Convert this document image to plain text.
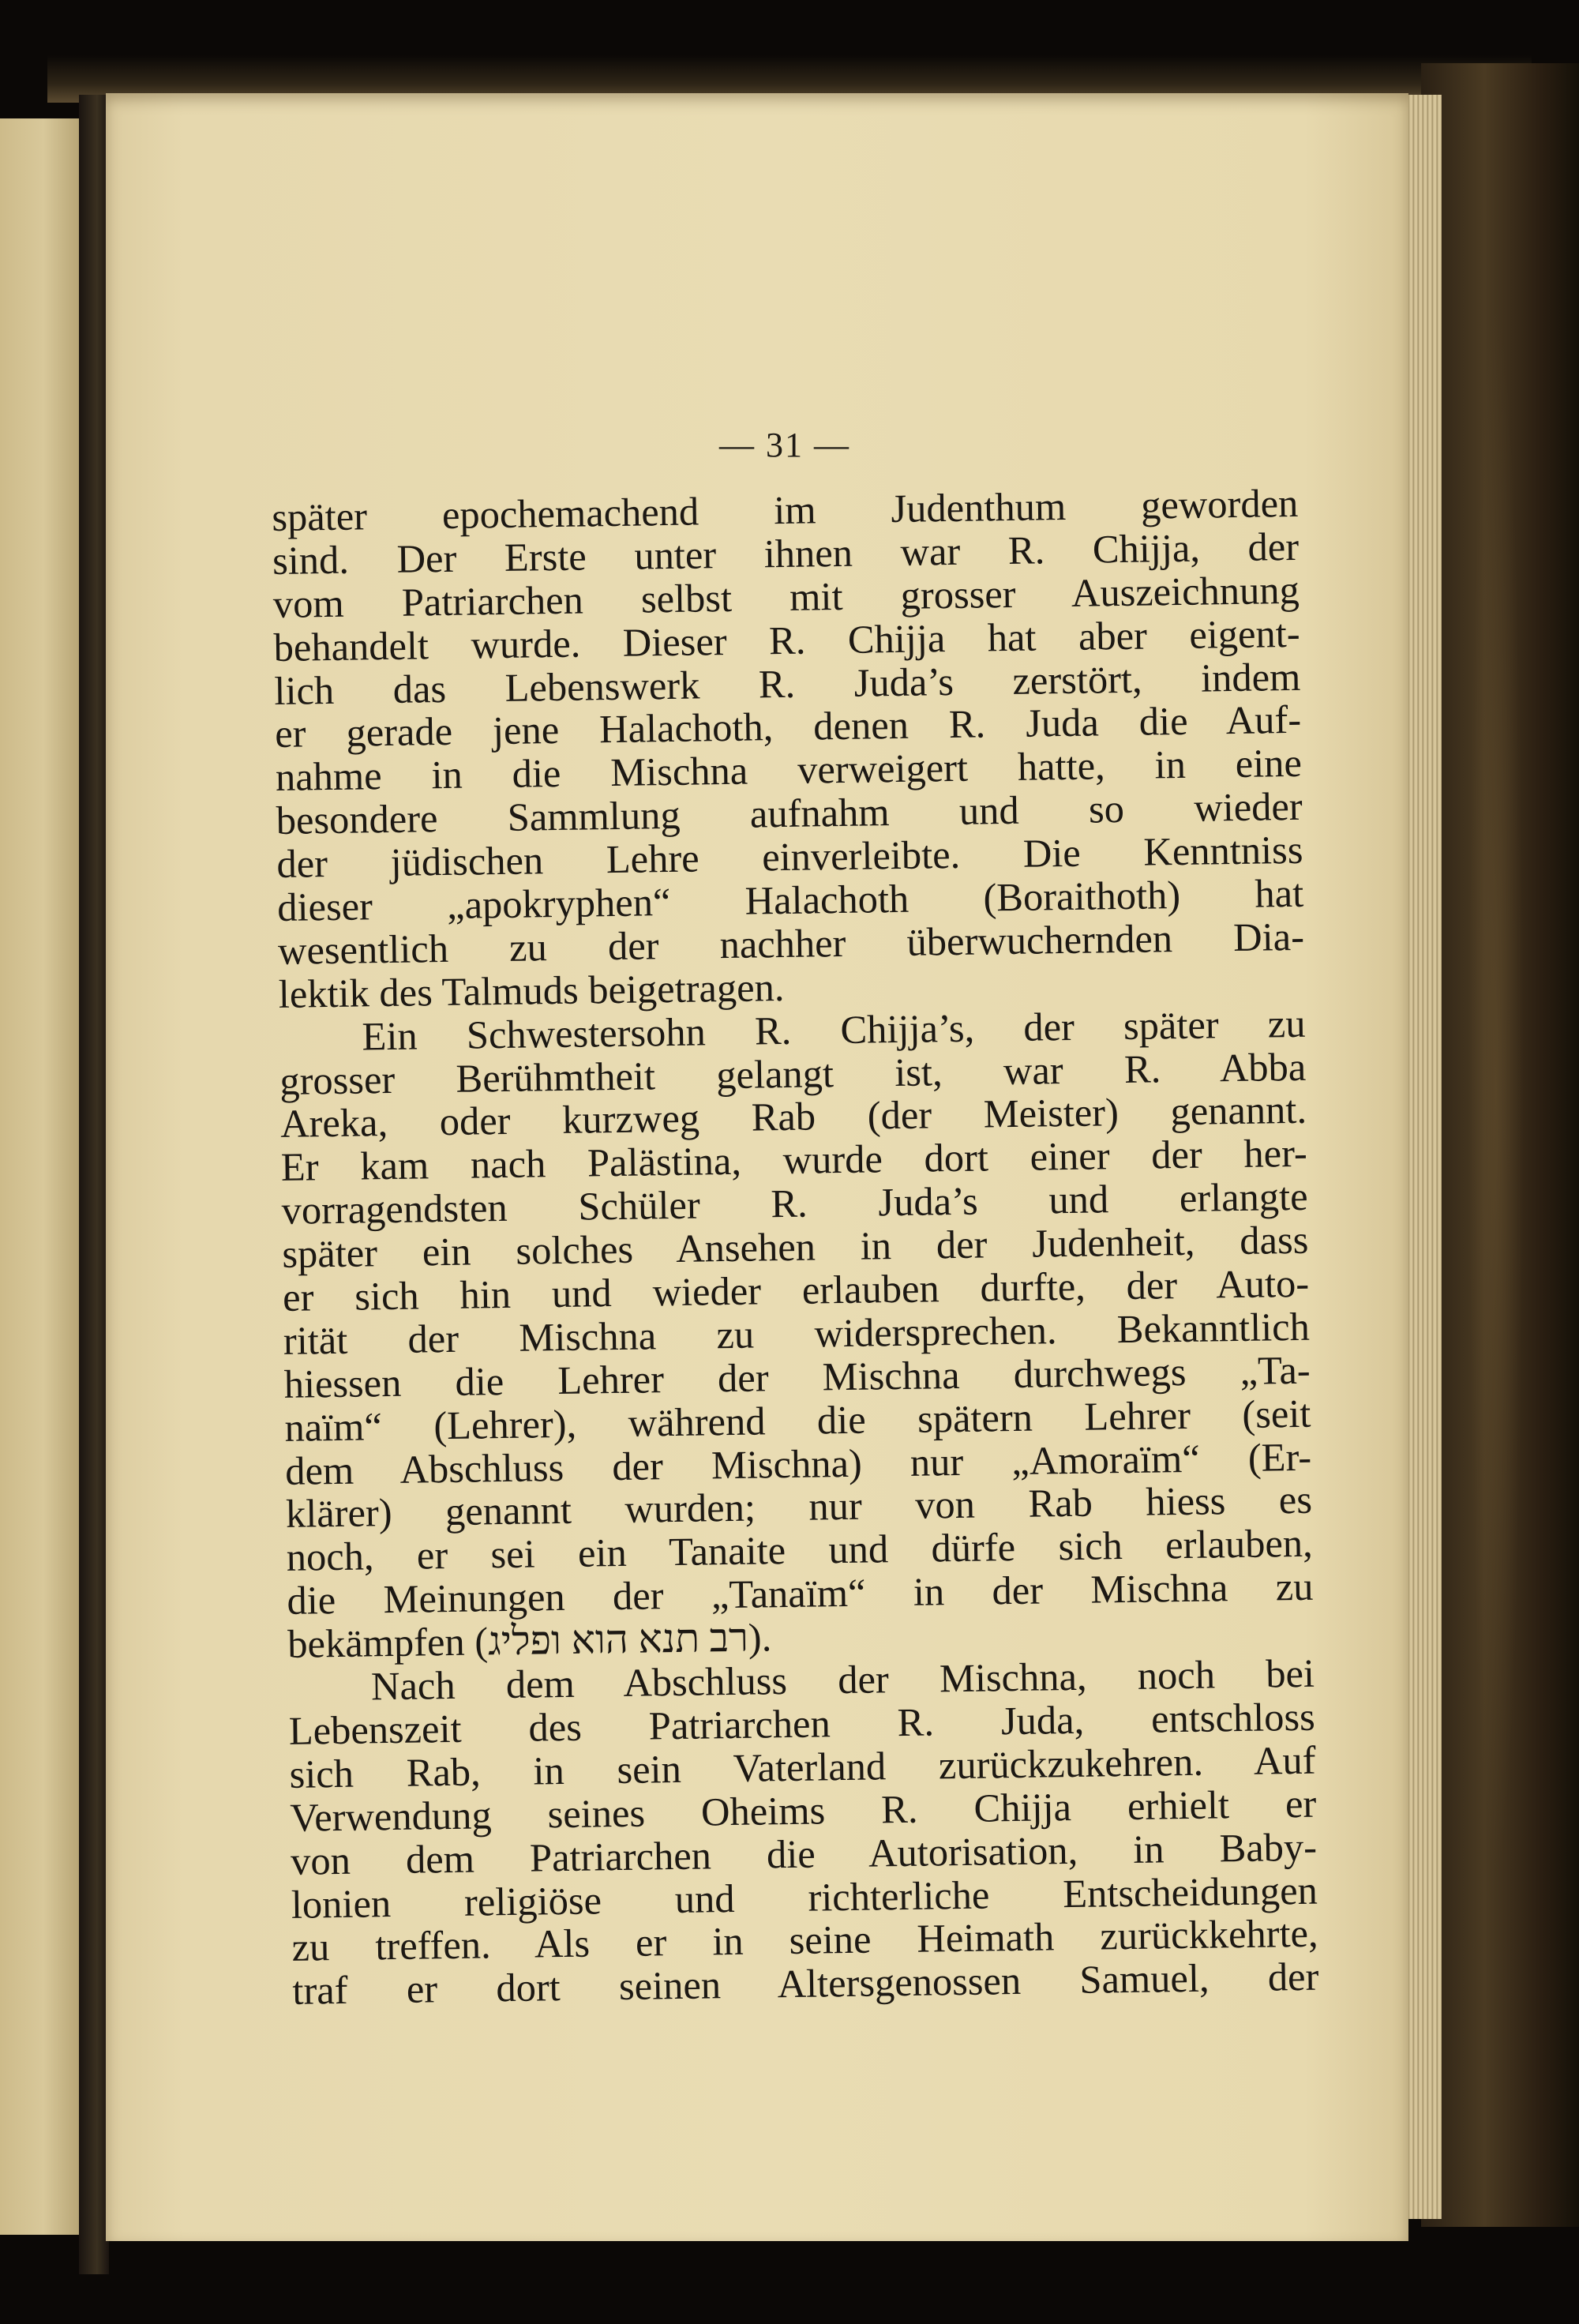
— 31 —
später epochemachend im Judenthum geworden
sind. Der Erste unter ihnen war R. Chijja, der
vom Patriarchen selbst mit grosser Auszeichnung
behandelt wurde. Dieser R. Chijja hat aber eigent-
lich das Lebenswerk R. Juda’s zerstört, indem
er gerade jene Halachoth, denen R. Juda die Auf-
nahme in die Mischna verweigert hatte, in eine
besondere Sammlung aufnahm und so wieder
der jüdischen Lehre einverleibte. Die Kenntniss
dieser „apokryphen“ Halachoth (Boraithoth) hat
wesentlich zu der nachher überwuchernden Dia-
lektik des Talmuds beigetragen.
Ein Schwestersohn R. Chijja’s, der später zu
grosser Berühmtheit gelangt ist, war R. Abba
Areka, oder kurzweg Rab (der Meister) genannt.
Er kam nach Palästina, wurde dort einer der her-
vorragendsten Schüler R. Juda’s und erlangte
später ein solches Ansehen in der Judenheit, dass
er sich hin und wieder erlauben durfte, der Auto-
rität der Mischna zu widersprechen. Bekanntlich
hiessen die Lehrer der Mischna durchwegs „Ta-
naïm“ (Lehrer), während die spätern Lehrer (seit
dem Abschluss der Mischna) nur „Amoraïm“ (Er-
klärer) genannt wurden; nur von Rab hiess es
noch, er sei ein Tanaite und dürfe sich erlauben,
die Meinungen der „Tanaïm“ in der Mischna zu
bekämpfen (רב תנא הוא ופליג).
Nach dem Abschluss der Mischna, noch bei
Lebenszeit des Patriarchen R. Juda, entschloss
sich Rab, in sein Vaterland zurückzukehren. Auf
Verwendung seines Oheims R. Chijja erhielt er
von dem Patriarchen die Autorisation, in Baby-
lonien religiöse und richterliche Entscheidungen
zu treffen. Als er in seine Heimath zurückkehrte,
traf er dort seinen Altersgenossen Samuel, der
